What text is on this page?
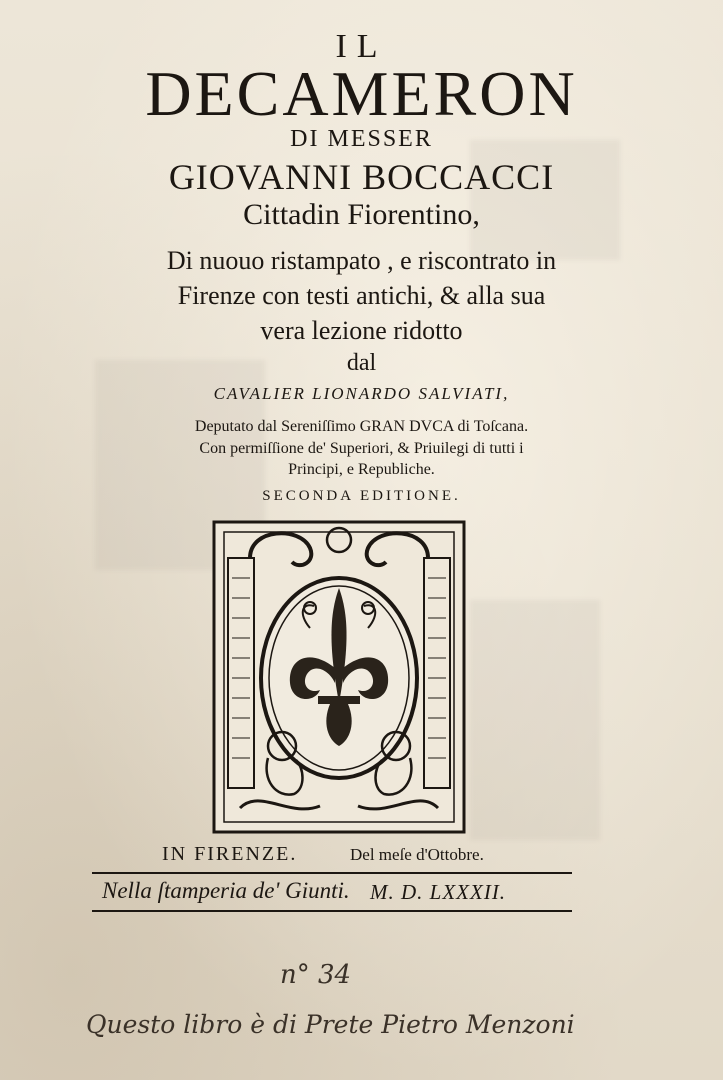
IL
DECAMERON
DI MESSER
GIOVANNI BOCCACCI
Cittadin Fiorentino,
Di nuouo ristampato , e riscontrato in
Firenze con testi antichi, & alla sua
vera lezione ridotto
dal
CAVALIER LIONARDO SALVIATI,
Deputato dal Sereniſſimo GRAN DVCA di Toſcana.
Con permiſſione de' Superiori, & Priuilegi di tutti i
Principi, e Republiche.
SECONDA EDITIONE.
IN FIRENZE.	Del meſe d'Ottobre.
Nella ſtamperia de' Giunti. M. D. LXXXII.
n° 34
Questo libro è di Prete Pietro Menzoni
